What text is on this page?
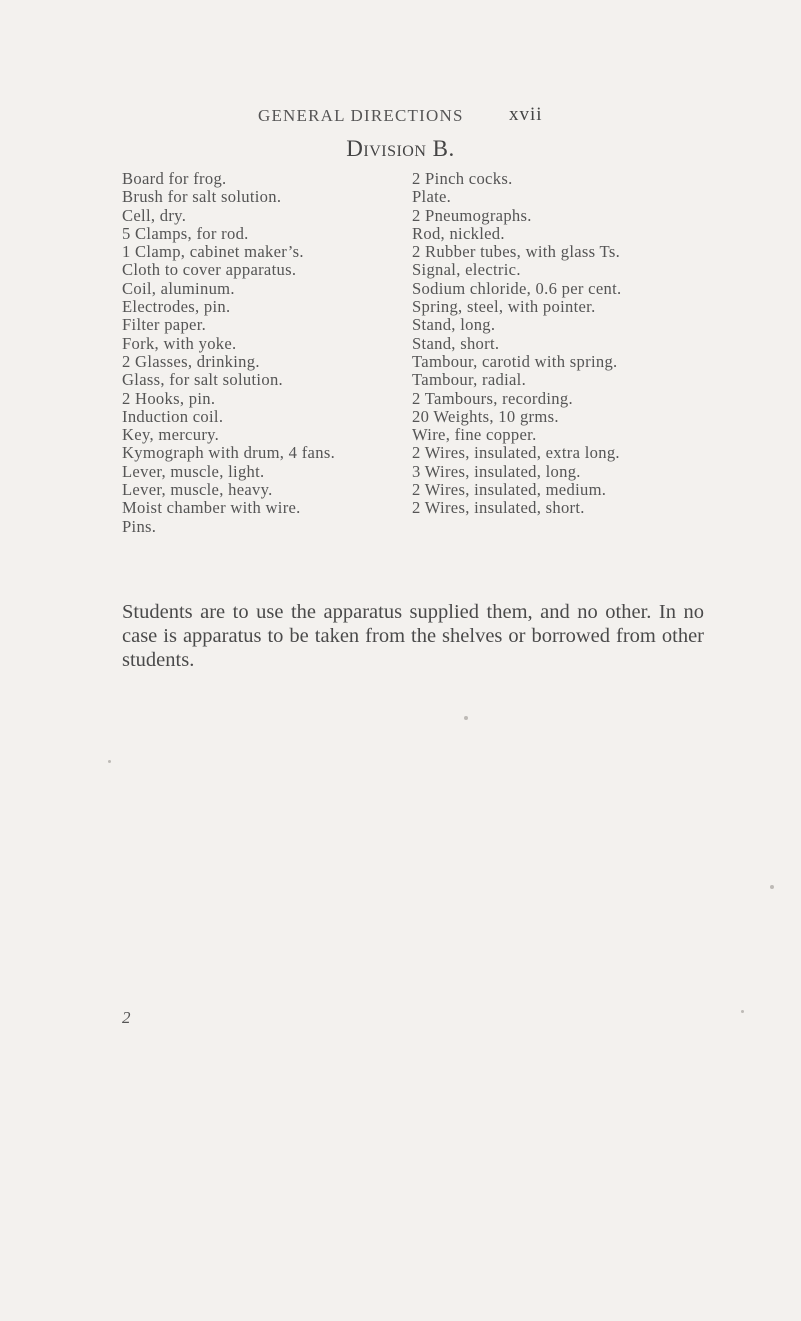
GENERAL DIRECTIONS xvii
Division B.
Board for frog.
Brush for salt solution.
Cell, dry.
5 Clamps, for rod.
1 Clamp, cabinet maker’s.
Cloth to cover apparatus.
Coil, aluminum.
Electrodes, pin.
Filter paper.
Fork, with yoke.
2 Glasses, drinking.
Glass, for salt solution.
2 Hooks, pin.
Induction coil.
Key, mercury.
Kymograph with drum, 4 fans.
Lever, muscle, light.
Lever, muscle, heavy.
Moist chamber with wire.
Pins.
2 Pinch cocks.
Plate.
2 Pneumographs.
Rod, nickled.
2 Rubber tubes, with glass Ts.
Signal, electric.
Sodium chloride, 0.6 per cent.
Spring, steel, with pointer.
Stand, long.
Stand, short.
Tambour, carotid with spring.
Tambour, radial.
2 Tambours, recording.
20 Weights, 10 grms.
Wire, fine copper.
2 Wires, insulated, extra long.
3 Wires, insulated, long.
2 Wires, insulated, medium.
2 Wires, insulated, short.

Students are to use the apparatus supplied them, and no other. In no case is apparatus to be taken from the shelves or borrowed from other students.

2
